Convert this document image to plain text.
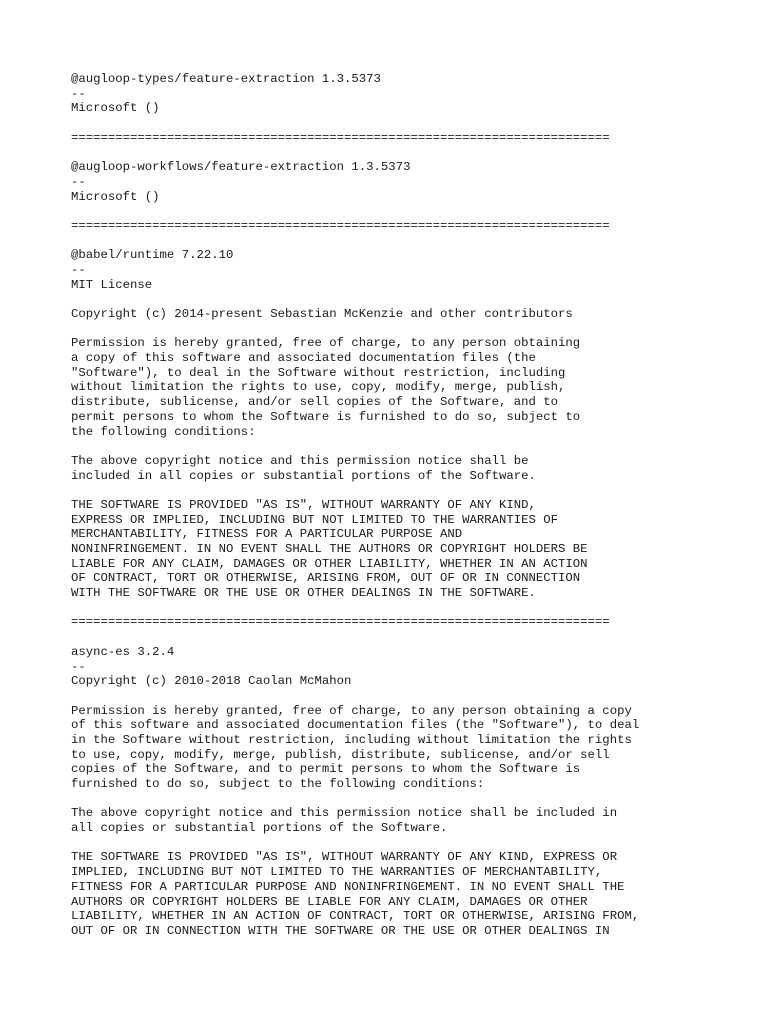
@augloop-types/feature-extraction 1.3.5373
--
Microsoft ()

=========================================================================

@augloop-workflows/feature-extraction 1.3.5373
--
Microsoft ()

=========================================================================

@babel/runtime 7.22.10
--
MIT License

Copyright (c) 2014-present Sebastian McKenzie and other contributors

Permission is hereby granted, free of charge, to any person obtaining
a copy of this software and associated documentation files (the
"Software"), to deal in the Software without restriction, including
without limitation the rights to use, copy, modify, merge, publish,
distribute, sublicense, and/or sell copies of the Software, and to
permit persons to whom the Software is furnished to do so, subject to
the following conditions:

The above copyright notice and this permission notice shall be
included in all copies or substantial portions of the Software.

THE SOFTWARE IS PROVIDED "AS IS", WITHOUT WARRANTY OF ANY KIND,
EXPRESS OR IMPLIED, INCLUDING BUT NOT LIMITED TO THE WARRANTIES OF
MERCHANTABILITY, FITNESS FOR A PARTICULAR PURPOSE AND
NONINFRINGEMENT. IN NO EVENT SHALL THE AUTHORS OR COPYRIGHT HOLDERS BE
LIABLE FOR ANY CLAIM, DAMAGES OR OTHER LIABILITY, WHETHER IN AN ACTION
OF CONTRACT, TORT OR OTHERWISE, ARISING FROM, OUT OF OR IN CONNECTION
WITH THE SOFTWARE OR THE USE OR OTHER DEALINGS IN THE SOFTWARE.

=========================================================================

async-es 3.2.4
--
Copyright (c) 2010-2018 Caolan McMahon

Permission is hereby granted, free of charge, to any person obtaining a copy
of this software and associated documentation files (the "Software"), to deal
in the Software without restriction, including without limitation the rights
to use, copy, modify, merge, publish, distribute, sublicense, and/or sell
copies of the Software, and to permit persons to whom the Software is
furnished to do so, subject to the following conditions:

The above copyright notice and this permission notice shall be included in
all copies or substantial portions of the Software.

THE SOFTWARE IS PROVIDED "AS IS", WITHOUT WARRANTY OF ANY KIND, EXPRESS OR
IMPLIED, INCLUDING BUT NOT LIMITED TO THE WARRANTIES OF MERCHANTABILITY,
FITNESS FOR A PARTICULAR PURPOSE AND NONINFRINGEMENT. IN NO EVENT SHALL THE
AUTHORS OR COPYRIGHT HOLDERS BE LIABLE FOR ANY CLAIM, DAMAGES OR OTHER
LIABILITY, WHETHER IN AN ACTION OF CONTRACT, TORT OR OTHERWISE, ARISING FROM,
OUT OF OR IN CONNECTION WITH THE SOFTWARE OR THE USE OR OTHER DEALINGS IN
